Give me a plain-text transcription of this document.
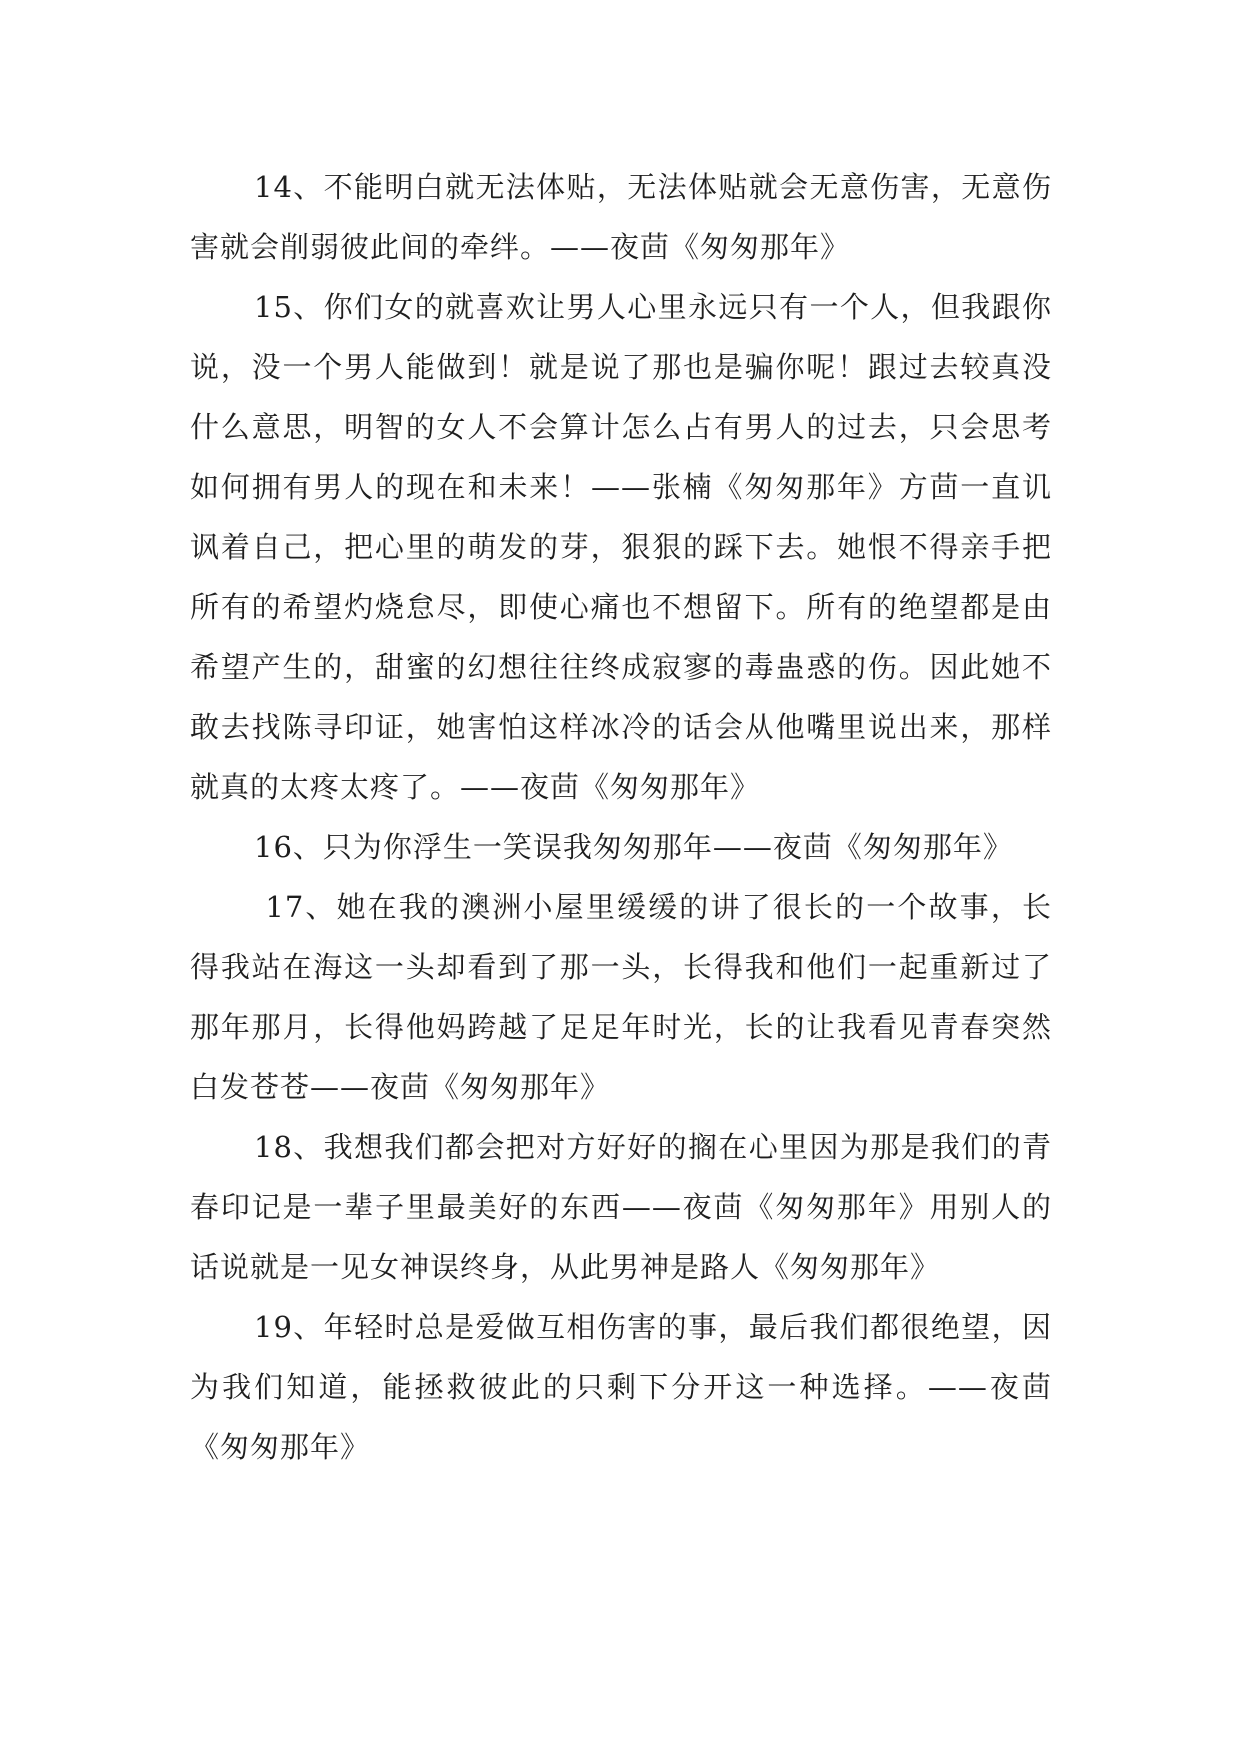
14、不能明白就无法体贴，无法体贴就会无意伤害，无意伤害就会削弱彼此间的牵绊。——夜茴《匆匆那年》

15、你们女的就喜欢让男人心里永远只有一个人，但我跟你说，没一个男人能做到！就是说了那也是骗你呢！跟过去较真没什么意思，明智的女人不会算计怎么占有男人的过去，只会思考如何拥有男人的现在和未来！——张楠《匆匆那年》方茴一直讥讽着自己，把心里的萌发的芽，狠狠的踩下去。她恨不得亲手把所有的希望灼烧怠尽，即使心痛也不想留下。所有的绝望都是由希望产生的，甜蜜的幻想往往终成寂寥的毒蛊惑的伤。因此她不敢去找陈寻印证，她害怕这样冰冷的话会从他嘴里说出来，那样就真的太疼太疼了。——夜茴《匆匆那年》

16、只为你浮生一笑误我匆匆那年——夜茴《匆匆那年》

17、她在我的澳洲小屋里缓缓的讲了很长的一个故事，长得我站在海这一头却看到了那一头，长得我和他们一起重新过了那年那月，长得他妈跨越了足足年时光，长的让我看见青春突然白发苍苍——夜茴《匆匆那年》

18、我想我们都会把对方好好的搁在心里因为那是我们的青春印记是一辈子里最美好的东西——夜茴《匆匆那年》用别人的话说就是一见女神误终身，从此男神是路人《匆匆那年》

19、年轻时总是爱做互相伤害的事，最后我们都很绝望，因为我们知道，能拯救彼此的只剩下分开这一种选择。——夜茴《匆匆那年》
